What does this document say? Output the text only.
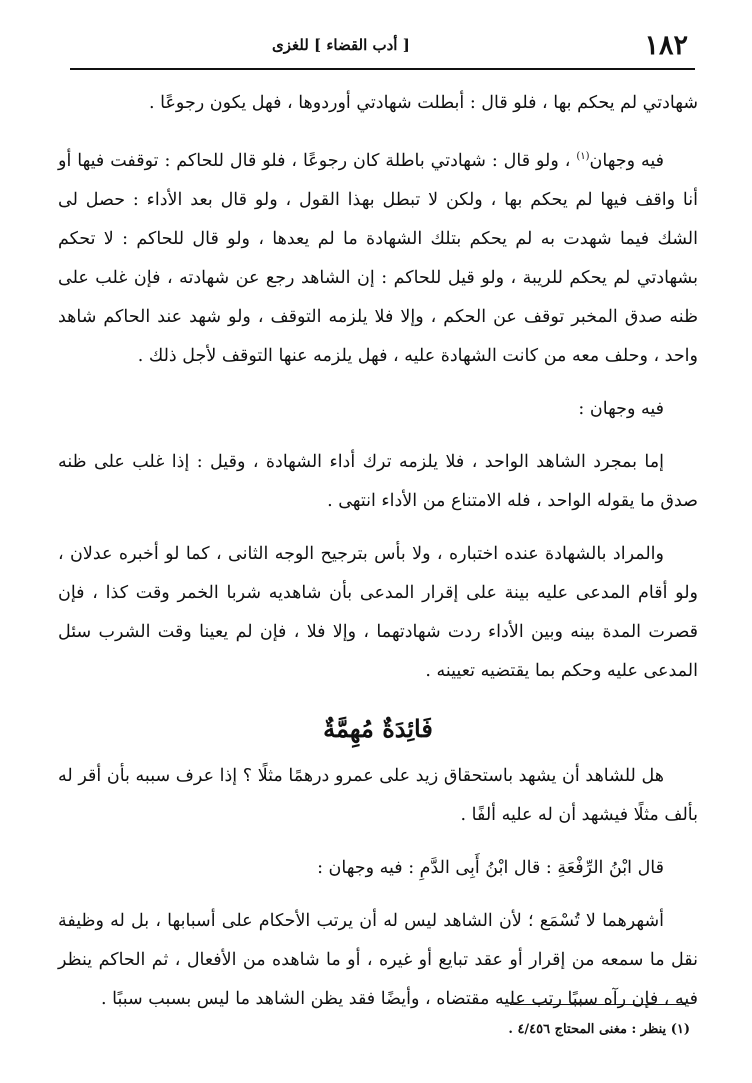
١٨٢
[ أدب القضاء ] للغزى

شهادتي لم يحكم بها ، فلو قال : أبطلت شهادتي أوردوها ، فهل يكون رجوعًا .

فيه وجهان$^{(١)}$ ، ولو قال : شهادتي باطلة كان رجوعًا ، فلو قال للحاكم : توقفت فيها أو أنا واقف فيها لم يحكم بها ، ولكن لا تبطل بهذا القول ، ولو قال بعد الأداء : حصل لى الشك فيما شهدت به لم يحكم بتلك الشهادة ما لم يعدها ، ولو قال للحاكم : لا تحكم بشهادتي لم يحكم للريبة ، ولو قيل للحاكم : إن الشاهد رجع عن شهادته ، فإن غلب على ظنه صدق المخبر توقف عن الحكم ، وإلا فلا يلزمه التوقف ، ولو شهد عند الحاكم شاهد واحد ، وحلف معه من كانت الشهادة عليه ، فهل يلزمه عنها التوقف لأجل ذلك .

فيه وجهان :

إما بمجرد الشاهد الواحد ، فلا يلزمه ترك أداء الشهادة ، وقيل : إذا غلب على ظنه صدق ما يقوله الواحد ، فله الامتناع من الأداء انتهى .

والمراد بالشهادة عنده اختباره ، ولا بأس بترجيح الوجه الثانى ، كما لو أخبره عدلان ، ولو أقام المدعى عليه بينة على إقرار المدعى بأن شاهديه شربا الخمر وقت كذا ، فإن قصرت المدة بينه وبين الأداء ردت شهادتهما ، وإلا فلا ، فإن لم يعينا وقت الشرب سئل المدعى عليه وحكم بما يقتضيه تعيينه .

فَائِدَةٌ مُهِمَّةٌ

هل للشاهد أن يشهد باستحقاق زيد على عمرو درهمًا مثلًا ؟ إذا عرف سببه بأن أقر له بألف مثلًا فيشهد أن له عليه ألفًا .

قال ابْنُ الرِّفْعَةِ : قال ابْنُ أَبِى الدَّمِ : فيه وجهان :

أشهرهما لا تُسْمَع ؛ لأن الشاهد ليس له أن يرتب الأحكام على أسبابها ، بل له وظيفة نقل ما سمعه من إقرار أو عقد تبايع أو غيره ، أو ما شاهده من الأفعال ، ثم الحاكم ينظر فيه ، فإن رآه سببًا رتب عليه مقتضاه ، وأيضًا فقد يظن الشاهد ما ليس بسبب سببًا .

(١) ينظر : مغنى المحتاج ٤/٤٥٦ .
